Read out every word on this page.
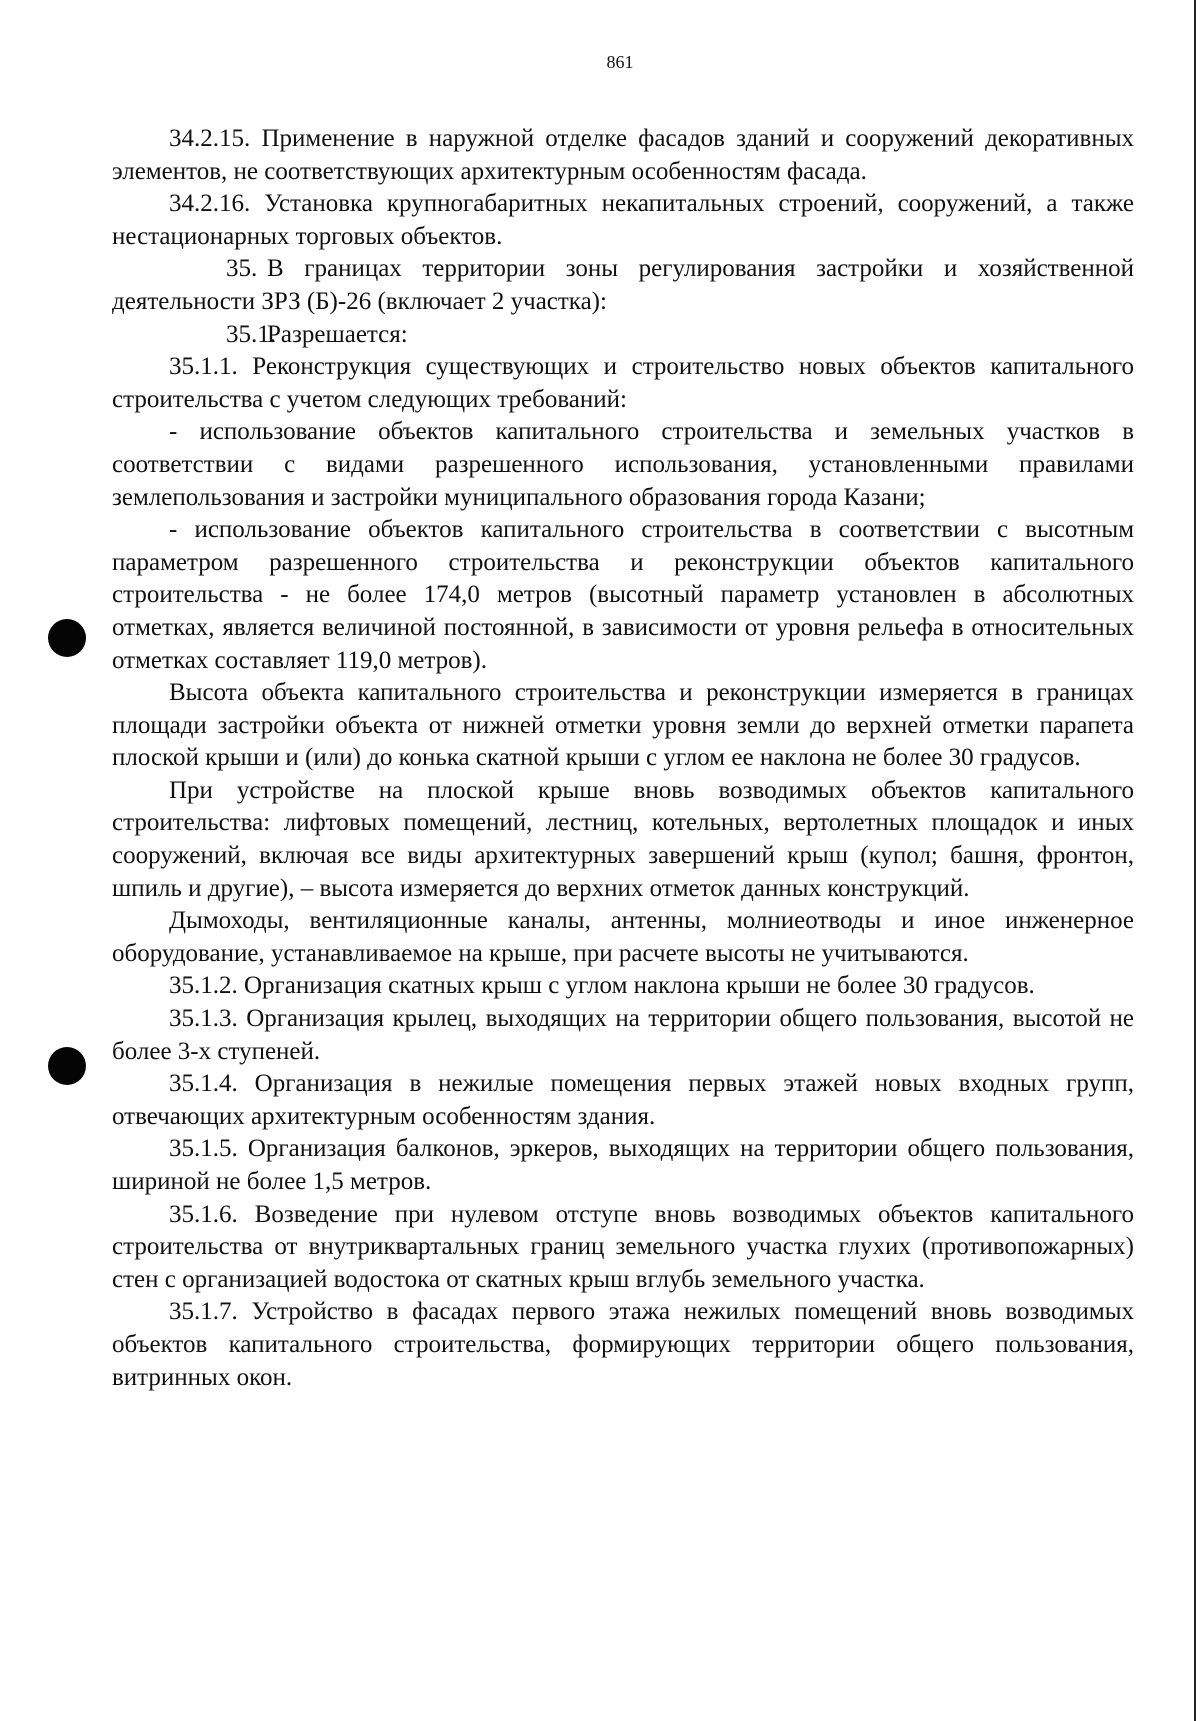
861

34.2.15. Применение в наружной отделке фасадов зданий и сооружений декоративных элементов, не соответствующих архитектурным особенностям фасада.

34.2.16. Установка крупногабаритных некапитальных строений, сооружений, а также нестационарных торговых объектов.

35. В границах территории зоны регулирования застройки и хозяйственной деятельности ЗРЗ (Б)-26 (включает 2 участка):

35.1.Разрешается:

35.1.1. Реконструкция существующих и строительство новых объектов капитального строительства с учетом следующих требований:

- использование объектов капитального строительства и земельных участков в соответствии с видами разрешенного использования, установленными правилами землепользования и застройки муниципального образования города Казани;

- использование объектов капитального строительства в соответствии с высотным параметром разрешенного строительства и реконструкции объектов капитального строительства - не более 174,0 метров (высотный параметр установлен в абсолютных отметках, является величиной постоянной, в зависимости от уровня рельефа в относительных отметках составляет 119,0 метров).

Высота объекта капитального строительства и реконструкции измеряется в границах площади застройки объекта от нижней отметки уровня земли до верхней отметки парапета плоской крыши и (или) до конька скатной крыши с углом ее наклона не более 30 градусов.

При устройстве на плоской крыше вновь возводимых объектов капитального строительства: лифтовых помещений, лестниц, котельных, вертолетных площадок и иных сооружений, включая все виды архитектурных завершений крыш (купол; башня, фронтон, шпиль и другие), – высота измеряется до верхних отметок данных конструкций.

Дымоходы, вентиляционные каналы, антенны, молниеотводы и иное инженерное оборудование, устанавливаемое на крыше, при расчете высоты не учитываются.

35.1.2. Организация скатных крыш с углом наклона крыши не более 30 градусов.

35.1.3. Организация крылец, выходящих на территории общего пользования, высотой не более 3-х ступеней.

35.1.4. Организация в нежилые помещения первых этажей новых входных групп, отвечающих архитектурным особенностям здания.

35.1.5. Организация балконов, эркеров, выходящих на территории общего пользования, шириной не более 1,5 метров.

35.1.6. Возведение при нулевом отступе вновь возводимых объектов капитального строительства от внутриквартальных границ земельного участка глухих (противопожарных) стен с организацией водостока от скатных крыш вглубь земельного участка.

35.1.7. Устройство в фасадах первого этажа нежилых помещений вновь возводимых объектов капитального строительства, формирующих территории общего пользования, витринных окон.
